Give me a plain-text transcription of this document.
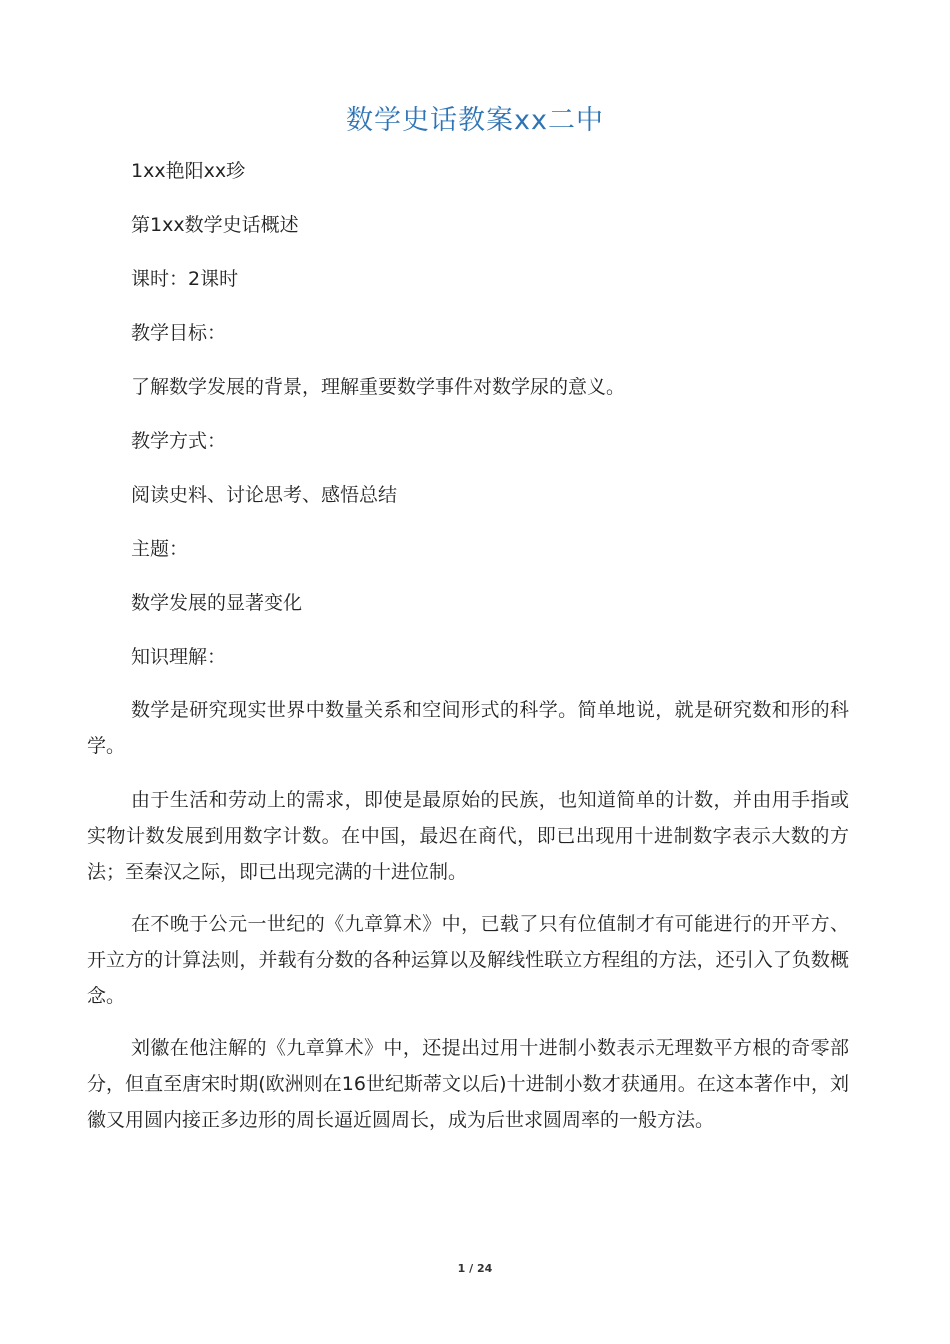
数学史话教案xx二中
1xx艳阳xx珍
第1xx数学史话概述
课时：2课时
教学目标：
了解数学发展的背景，理解重要数学事件对数学尿的意义。
教学方式：
阅读史料、讨论思考、感悟总结
主题：
数学发展的显著变化
知识理解：
数学是研究现实世界中数量关系和空间形式的科学。简单地说，就是研究数和形的科学。
由于生活和劳动上的需求，即使是最原始的民族，也知道简单的计数，并由用手指或实物计数发展到用数字计数。在中国，最迟在商代，即已出现用十进制数字表示大数的方法；至秦汉之际，即已出现完满的十进位制。
在不晚于公元一世纪的《九章算术》中，已载了只有位值制才有可能进行的开平方、开立方的计算法则，并载有分数的各种运算以及解线性联立方程组的方法，还引入了负数概念。
刘徽在他注解的《九章算术》中，还提出过用十进制小数表示无理数平方根的奇零部分，但直至唐宋时期(欧洲则在16世纪斯蒂文以后)十进制小数才获通用。在这本著作中，刘徽又用圆内接正多边形的周长逼近圆周长，成为后世求圆周率的一般方法。
1 / 24
